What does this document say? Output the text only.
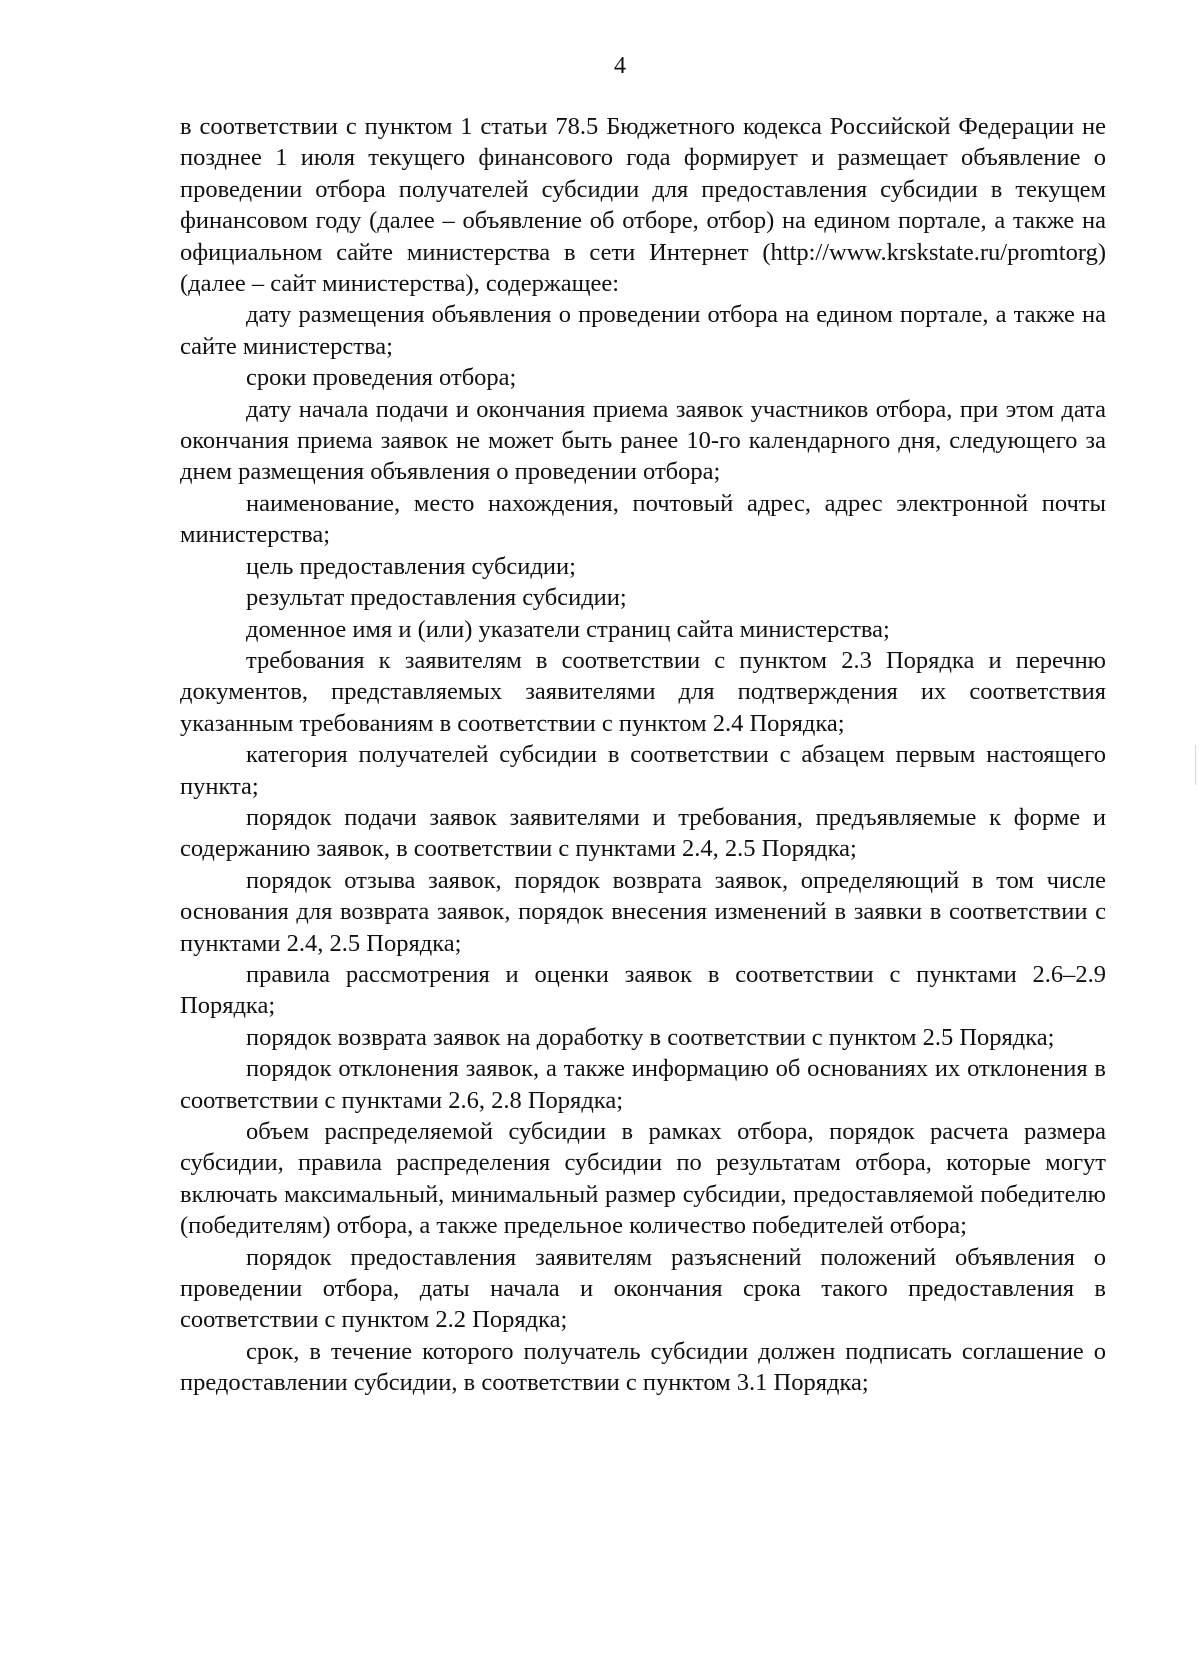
4

в соответствии с пунктом 1 статьи 78.5 Бюджетного кодекса Российской Федерации не позднее 1 июля текущего финансового года формирует и размещает объявление о проведении отбора получателей субсидии для предоставления субсидии в текущем финансовом году (далее – объявление об отборе, отбор) на едином портале, а также на официальном сайте министерства в сети Интернет (http://www.krskstate.ru/promtorg) (далее – сайт министерства), содержащее:

дату размещения объявления о проведении отбора на едином портале, а также на сайте министерства;

сроки проведения отбора;

дату начала подачи и окончания приема заявок участников отбора, при этом дата окончания приема заявок не может быть ранее 10-го календарного дня, следующего за днем размещения объявления о проведении отбора;

наименование, место нахождения, почтовый адрес, адрес электронной почты министерства;

цель предоставления субсидии;

результат предоставления субсидии;

доменное имя и (или) указатели страниц сайта министерства;

требования к заявителям в соответствии с пунктом 2.3 Порядка и перечню документов, представляемых заявителями для подтверждения их соответствия указанным требованиям в соответствии с пунктом 2.4 Порядка;

категория получателей субсидии в соответствии с абзацем первым настоящего пункта;

порядок подачи заявок заявителями и требования, предъявляемые к форме и содержанию заявок, в соответствии с пунктами 2.4, 2.5 Порядка;

порядок отзыва заявок, порядок возврата заявок, определяющий в том числе основания для возврата заявок, порядок внесения изменений в заявки в соответствии с пунктами 2.4, 2.5 Порядка;

правила рассмотрения и оценки заявок в соответствии с пунктами 2.6–2.9 Порядка;

порядок возврата заявок на доработку в соответствии с пунктом 2.5 Порядка;

порядок отклонения заявок, а также информацию об основаниях их отклонения в соответствии с пунктами 2.6, 2.8 Порядка;

объем распределяемой субсидии в рамках отбора, порядок расчета размера субсидии, правила распределения субсидии по результатам отбора, которые могут включать максимальный, минимальный размер субсидии, предоставляемой победителю (победителям) отбора, а также предельное количество победителей отбора;

порядок предоставления заявителям разъяснений положений объявления о проведении отбора, даты начала и окончания срока такого предоставления в соответствии с пунктом 2.2 Порядка;

срок, в течение которого получатель субсидии должен подписать соглашение о предоставлении субсидии, в соответствии с пунктом 3.1 Порядка;
